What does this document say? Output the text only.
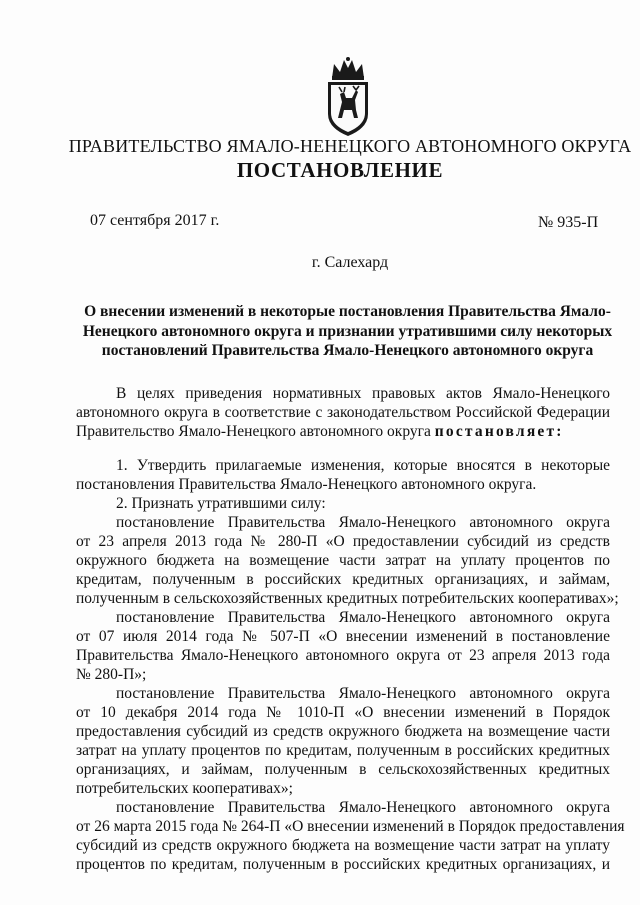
ПРАВИТЕЛЬСТВО ЯМАЛО-НЕНЕЦКОГО АВТОНОМНОГО ОКРУГА
ПОСТАНОВЛЕНИЕ
07 сентября 2017 г.	№ 935-П
г. Салехард
О внесении изменений в некоторые постановления Правительства Ямало-
Ненецкого автономного округа и признании утратившими силу некоторых
постановлений Правительства Ямало-Ненецкого автономного округа
В целях приведения нормативных правовых актов Ямало-Ненецкого
автономного округа в соответствие с законодательством Российской Федерации
Правительство Ямало-Ненецкого автономного округа постановляет:
1. Утвердить прилагаемые изменения, которые вносятся в некоторые
постановления Правительства Ямало-Ненецкого автономного округа.
2. Признать утратившими силу:
постановление Правительства Ямало-Ненецкого автономного округа
от 23 апреля 2013 года № 280-П «О предоставлении субсидий из средств
окружного бюджета на возмещение части затрат на уплату процентов по
кредитам, полученным в российских кредитных организациях, и займам,
полученным в сельскохозяйственных кредитных потребительских кооперативах»;
постановление Правительства Ямало-Ненецкого автономного округа
от 07 июля 2014 года № 507-П «О внесении изменений в постановление
Правительства Ямало-Ненецкого автономного округа от 23 апреля 2013 года
№ 280-П»;
постановление Правительства Ямало-Ненецкого автономного округа
от 10 декабря 2014 года № 1010-П «О внесении изменений в Порядок
предоставления субсидий из средств окружного бюджета на возмещение части
затрат на уплату процентов по кредитам, полученным в российских кредитных
организациях, и займам, полученным в сельскохозяйственных кредитных
потребительских кооперативах»;
постановление Правительства Ямало-Ненецкого автономного округа
от 26 марта 2015 года № 264-П «О внесении изменений в Порядок предоставления
субсидий из средств окружного бюджета на возмещение части затрат на уплату
процентов по кредитам, полученным в российских кредитных организациях, и
